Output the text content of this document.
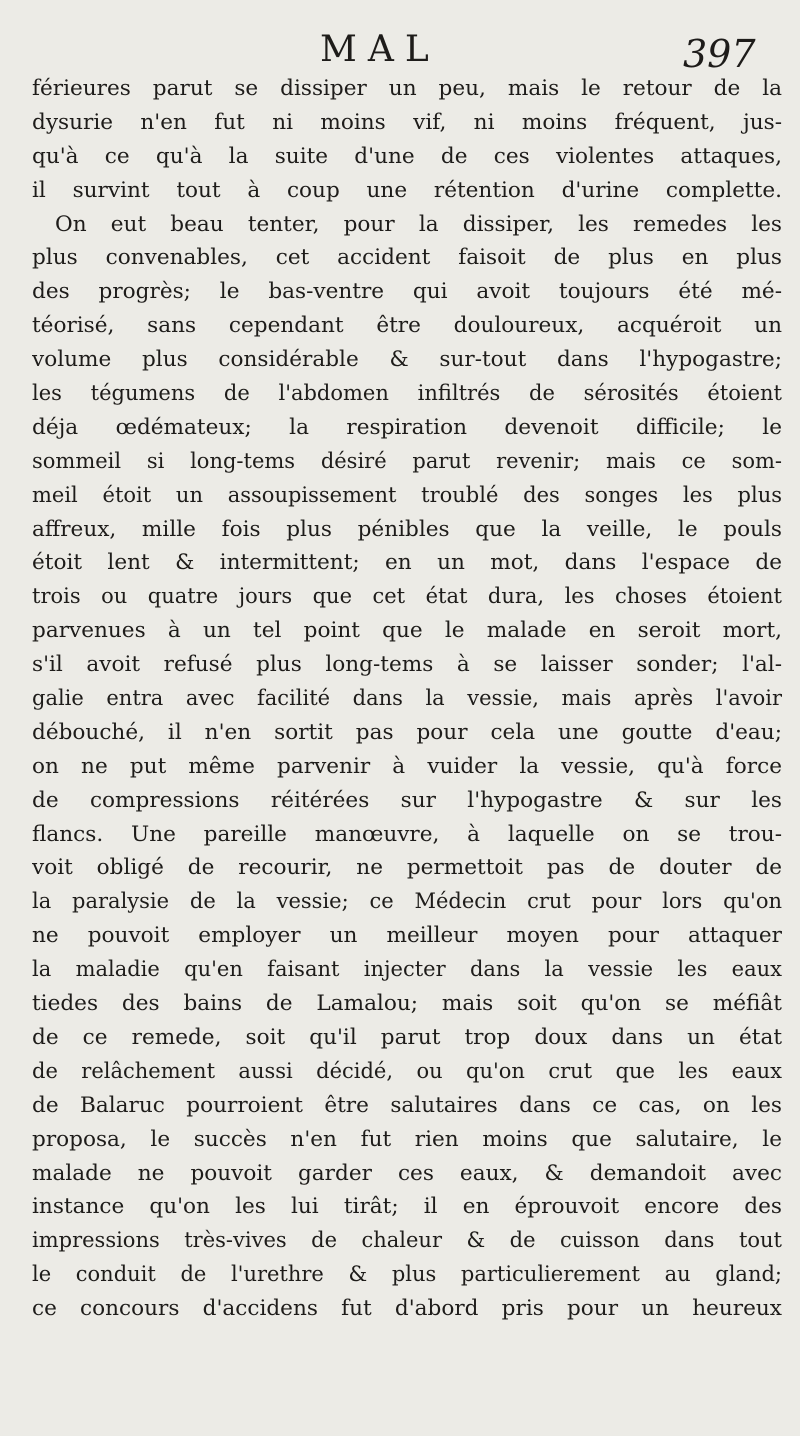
MAL	397
férieures parut se dissiper un peu, mais le retour de la
dysurie n'en fut ni moins vif, ni moins fréquent, jus-
qu'à ce qu'à la suite d'une de ces violentes attaques,
il survint tout à coup une rétention d'urine complette.
On eut beau tenter, pour la dissiper, les remedes les
plus convenables, cet accident faisoit de plus en plus
des progrès; le bas-ventre qui avoit toujours été mé-
téorisé, sans cependant être douloureux, acquéroit un
volume plus considérable & sur-tout dans l'hypogastre;
les tégumens de l'abdomen infiltrés de sérosités étoient
déja œdémateux; la respiration devenoit difficile; le
sommeil si long-tems désiré parut revenir; mais ce som-
meil étoit un assoupissement troublé des songes les plus
affreux, mille fois plus pénibles que la veille, le pouls
étoit lent & intermittent; en un mot, dans l'espace de
trois ou quatre jours que cet état dura, les choses étoient
parvenues à un tel point que le malade en seroit mort,
s'il avoit refusé plus long-tems à se laisser sonder; l'al-
galie entra avec facilité dans la vessie, mais après l'avoir
débouché, il n'en sortit pas pour cela une goutte d'eau;
on ne put même parvenir à vuider la vessie, qu'à force
de compressions réitérées sur l'hypogastre & sur les
flancs. Une pareille manœuvre, à laquelle on se trou-
voit obligé de recourir, ne permettoit pas de douter de
la paralysie de la vessie; ce Médecin crut pour lors qu'on
ne pouvoit employer un meilleur moyen pour attaquer
la maladie qu'en faisant injecter dans la vessie les eaux
tiedes des bains de Lamalou; mais soit qu'on se méfiât
de ce remede, soit qu'il parut trop doux dans un état
de relâchement aussi décidé, ou qu'on crut que les eaux
de Balaruc pourroient être salutaires dans ce cas, on les
proposa, le succès n'en fut rien moins que salutaire, le
malade ne pouvoit garder ces eaux, & demandoit avec
instance qu'on les lui tirât; il en éprouvoit encore des
impressions très-vives de chaleur & de cuisson dans tout
le conduit de l'urethre & plus particulierement au gland;
ce concours d'accidens fut d'abord pris pour un heureux
